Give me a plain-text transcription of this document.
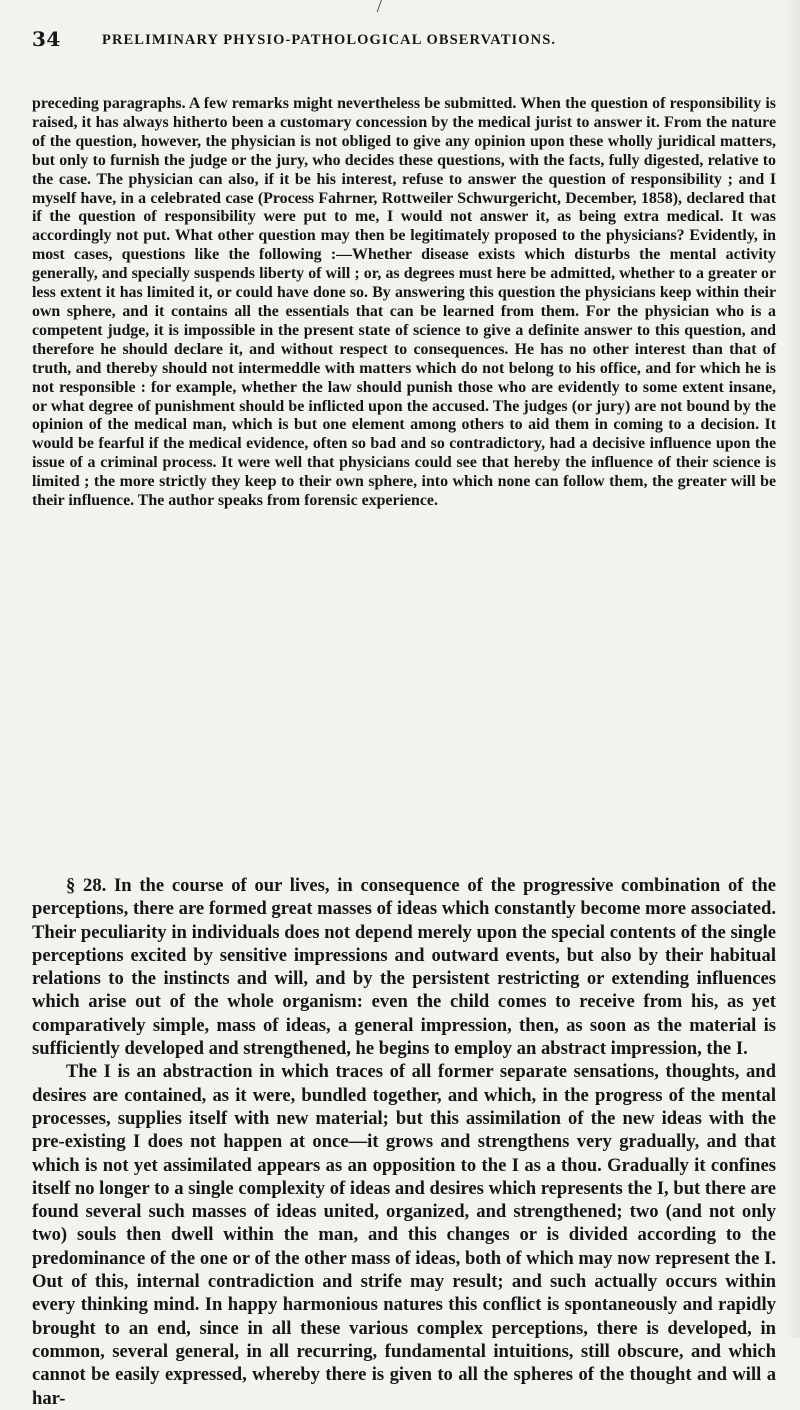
34	PRELIMINARY PHYSIO-PATHOLOGICAL OBSERVATIONS.

preceding paragraphs. A few remarks might nevertheless be submitted. When the question of responsibility is raised, it has always hitherto been a customary concession by the medical jurist to answer it. From the nature of the question, however, the physician is not obliged to give any opinion upon these wholly juridical matters, but only to furnish the judge or the jury, who decides these questions, with the facts, fully digested, relative to the case. The physician can also, if it be his interest, refuse to answer the question of responsibility ; and I myself have, in a celebrated case (Process Fahrner, Rottweiler Schwurgericht, December, 1858), declared that if the question of responsibility were put to me, I would not answer it, as being extra medical. It was accordingly not put. What other question may then be legitimately proposed to the physicians? Evidently, in most cases, questions like the following :—Whether disease exists which disturbs the mental activity generally, and specially suspends liberty of will ; or, as degrees must here be admitted, whether to a greater or less extent it has limited it, or could have done so. By answering this question the physicians keep within their own sphere, and it contains all the essentials that can be learned from them. For the physician who is a competent judge, it is impossible in the present state of science to give a definite answer to this question, and therefore he should declare it, and without respect to consequences. He has no other interest than that of truth, and thereby should not intermeddle with matters which do not belong to his office, and for which he is not responsible : for example, whether the law should punish those who are evidently to some extent insane, or what degree of punishment should be inflicted upon the accused. The judges (or jury) are not bound by the opinion of the medical man, which is but one element among others to aid them in coming to a decision. It would be fearful if the medical evidence, often so bad and so contradictory, had a decisive influence upon the issue of a criminal process. It were well that physicians could see that hereby the influence of their science is limited ; the more strictly they keep to their own sphere, into which none can follow them, the greater will be their influence. The author speaks from forensic experience.

§ 28. In the course of our lives, in consequence of the progressive combination of the perceptions, there are formed great masses of ideas which constantly become more associated. Their peculiarity in individuals does not depend merely upon the special contents of the single perceptions excited by sensitive impressions and outward events, but also by their habitual relations to the instincts and will, and by the persistent restricting or extending influences which arise out of the whole organism: even the child comes to receive from his, as yet comparatively simple, mass of ideas, a general impression, then, as soon as the material is sufficiently developed and strengthened, he begins to employ an abstract impression, the I.

The I is an abstraction in which traces of all former separate sensations, thoughts, and desires are contained, as it were, bundled together, and which, in the progress of the mental processes, supplies itself with new material; but this assimilation of the new ideas with the pre-existing I does not happen at once—it grows and strengthens very gradually, and that which is not yet assimilated appears as an opposition to the I as a thou. Gradually it confines itself no longer to a single complexity of ideas and desires which represents the I, but there are found several such masses of ideas united, organized, and strengthened; two (and not only two) souls then dwell within the man, and this changes or is divided according to the predominance of the one or of the other mass of ideas, both of which may now represent the I. Out of this, internal contradiction and strife may result; and such actually occurs within every thinking mind. In happy harmonious natures this conflict is spontaneously and rapidly brought to an end, since in all these various complex perceptions, there is developed, in common, several general, in all recurring, fundamental intuitions, still obscure, and which cannot be easily expressed, whereby there is given to all the spheres of the thought and will a har-
